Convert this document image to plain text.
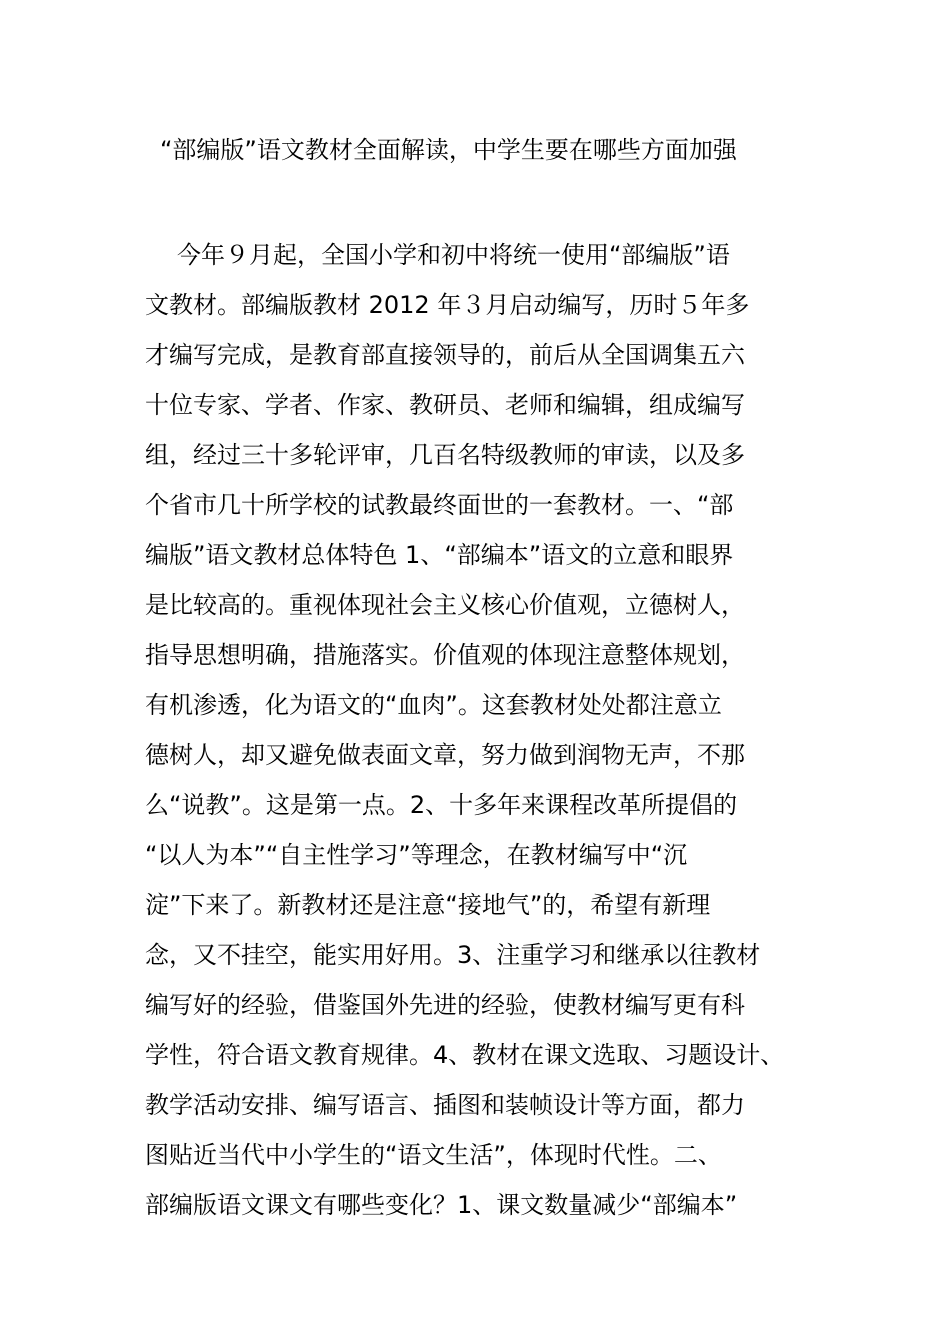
“部编版”语文教材全面解读，中学生要在哪些方面加强
今年９月起，全国小学和初中将统一使用“部编版”语
文教材。部编版教材 2012 年３月启动编写，历时５年多
才编写完成，是教育部直接领导的，前后从全国调集五六
十位专家、学者、作家、教研员、老师和编辑，组成编写
组，经过三十多轮评审，几百名特级教师的审读，以及多
个省市几十所学校的试教最终面世的一套教材。一、“部
编版”语文教材总体特色 1、“部编本”语文的立意和眼界
是比较高的。重视体现社会主义核心价值观，立德树人，
指导思想明确，措施落实。价值观的体现注意整体规划，
有机渗透，化为语文的“血肉”。这套教材处处都注意立
德树人，却又避免做表面文章，努力做到润物无声，不那
么“说教”。这是第一点。2、十多年来课程改革所提倡的
“以人为本”“自主性学习”等理念，在教材编写中“沉
淀”下来了。新教材还是注意“接地气”的，希望有新理
念，又不挂空，能实用好用。3、注重学习和继承以往教材
编写好的经验，借鉴国外先进的经验，使教材编写更有科
学性，符合语文教育规律。4、教材在课文选取、习题设计、
教学活动安排、编写语言、插图和装帧设计等方面，都力
图贴近当代中小学生的“语文生活”，体现时代性。二、
部编版语文课文有哪些变化？1、课文数量减少“部编本”
